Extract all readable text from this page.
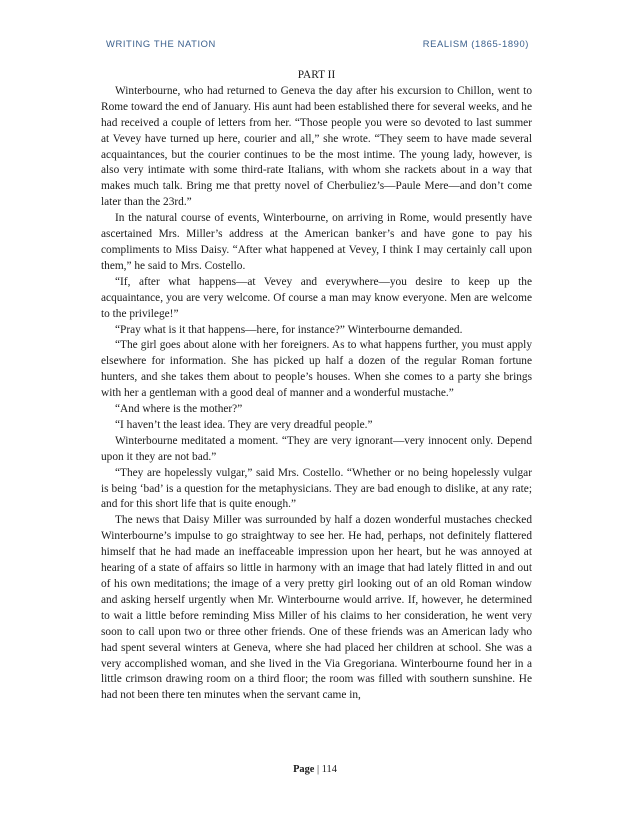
WRITING THE NATION	REALISM (1865-1890)
PART II

Winterbourne, who had returned to Geneva the day after his excursion to Chillon, went to Rome toward the end of January. His aunt had been established there for several weeks, and he had received a couple of letters from her. “Those people you were so devoted to last summer at Vevey have turned up here, courier and all,” she wrote. “They seem to have made several acquaintances, but the courier continues to be the most intime. The young lady, however, is also very intimate with some third-rate Italians, with whom she rackets about in a way that makes much talk. Bring me that pretty novel of Cherbuliez’s—Paule Mere—and don’t come later than the 23rd.”

In the natural course of events, Winterbourne, on arriving in Rome, would presently have ascertained Mrs. Miller’s address at the American banker’s and have gone to pay his compliments to Miss Daisy. “After what happened at Vevey, I think I may certainly call upon them,” he said to Mrs. Costello.

“If, after what happens—at Vevey and everywhere—you desire to keep up the acquaintance, you are very welcome. Of course a man may know everyone. Men are welcome to the privilege!”

“Pray what is it that happens—here, for instance?” Winterbourne demanded.

“The girl goes about alone with her foreigners. As to what happens further, you must apply elsewhere for information. She has picked up half a dozen of the regular Roman fortune hunters, and she takes them about to people’s houses. When she comes to a party she brings with her a gentleman with a good deal of manner and a wonderful mustache.”

“And where is the mother?”

“I haven’t the least idea. They are very dreadful people.”

Winterbourne meditated a moment. “They are very ignorant—very innocent only. Depend upon it they are not bad.”

“They are hopelessly vulgar,” said Mrs. Costello. “Whether or no being hopelessly vulgar is being ‘bad’ is a question for the metaphysicians. They are bad enough to dislike, at any rate; and for this short life that is quite enough.”

The news that Daisy Miller was surrounded by half a dozen wonderful mustaches checked Winterbourne’s impulse to go straightway to see her. He had, perhaps, not definitely flattered himself that he had made an ineffaceable impression upon her heart, but he was annoyed at hearing of a state of affairs so little in harmony with an image that had lately flitted in and out of his own meditations; the image of a very pretty girl looking out of an old Roman window and asking herself urgently when Mr. Winterbourne would arrive. If, however, he determined to wait a little before reminding Miss Miller of his claims to her consideration, he went very soon to call upon two or three other friends. One of these friends was an American lady who had spent several winters at Geneva, where she had placed her children at school. She was a very accomplished woman, and she lived in the Via Gregoriana. Winterbourne found her in a little crimson drawing room on a third floor; the room was filled with southern sunshine. He had not been there ten minutes when the servant came in,

Page | 114
